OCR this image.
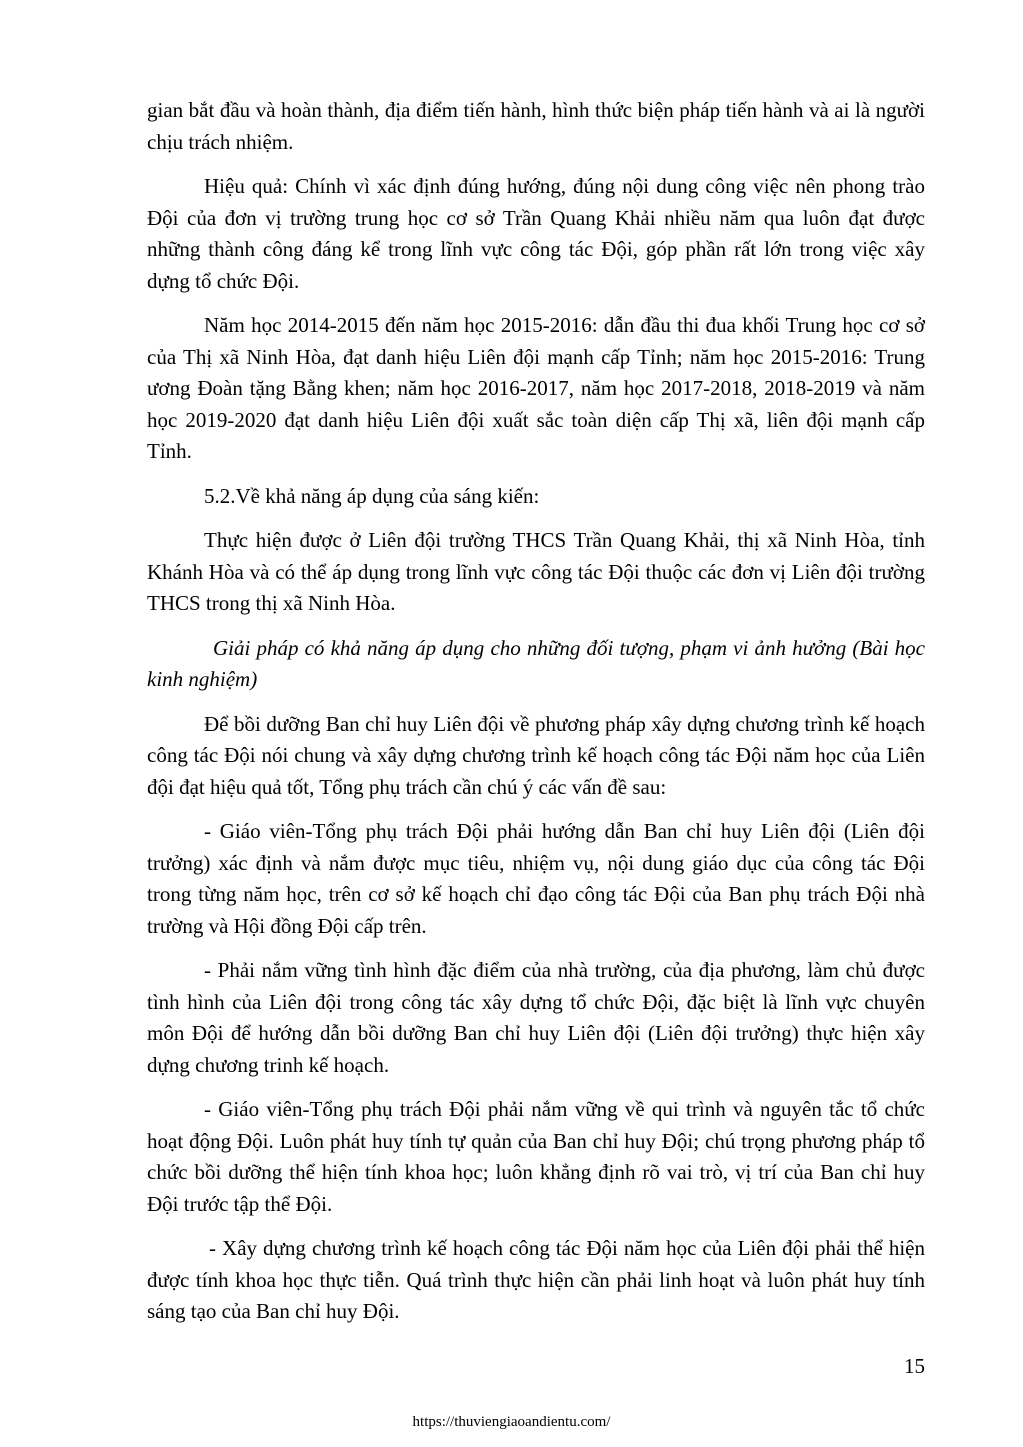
gian bắt đầu và hoàn thành, địa điểm tiến hành, hình thức biện pháp tiến hành và ai là người chịu trách nhiệm.

Hiệu quả: Chính vì xác định đúng hướng, đúng nội dung công việc nên phong trào Đội của đơn vị trường trung học cơ sở Trần Quang Khải nhiều năm qua luôn đạt được những thành công đáng kể trong lĩnh vực công tác Đội, góp phần rất lớn trong việc xây dựng tổ chức Đội.

Năm học 2014-2015 đến năm học 2015-2016: dẫn đầu thi đua khối Trung học cơ sở của Thị xã Ninh Hòa, đạt danh hiệu Liên đội mạnh cấp Tỉnh; năm học 2015-2016: Trung ương Đoàn tặng Bằng khen; năm học 2016-2017, năm học 2017-2018, 2018-2019 và năm học 2019-2020 đạt danh hiệu Liên đội xuất sắc toàn diện cấp Thị xã, liên đội mạnh cấp Tỉnh.

5.2.Về khả năng áp dụng của sáng kiến:

Thực hiện được ở Liên đội trường THCS Trần Quang Khải, thị xã Ninh Hòa, tỉnh Khánh Hòa và có thể áp dụng trong lĩnh vực công tác Đội thuộc các đơn vị Liên đội trường THCS trong thị xã Ninh Hòa.

Giải pháp có khả năng áp dụng cho những đối tượng, phạm vi ảnh hưởng (Bài học kinh nghiệm)

Để bồi dưỡng Ban chỉ huy Liên đội về phương pháp xây dựng chương trình kế hoạch công tác Đội nói chung và xây dựng chương trình kế hoạch công tác Đội năm học của Liên đội đạt hiệu quả tốt, Tổng phụ trách cần chú ý các vấn đề sau:

- Giáo viên-Tổng phụ trách Đội phải hướng dẫn Ban chỉ huy Liên đội (Liên đội trưởng) xác định và nắm được mục tiêu, nhiệm vụ, nội dung giáo dục của công tác Đội trong từng năm học, trên cơ sở kế hoạch chỉ đạo công tác Đội của Ban phụ trách Đội nhà trường và Hội đồng Đội cấp trên.

- Phải nắm vững tình hình đặc điểm của nhà trường, của địa phương, làm chủ được tình hình của Liên đội trong công tác xây dựng tổ chức Đội, đặc biệt là lĩnh vực chuyên môn Đội để hướng dẫn bồi dưỡng Ban chỉ huy Liên đội (Liên đội trưởng) thực hiện xây dựng chương trinh kế hoạch.

- Giáo viên-Tổng phụ trách Đội phải nắm vững về qui trình và nguyên tắc tổ chức hoạt động Đội. Luôn phát huy tính tự quản của Ban chỉ huy Đội; chú trọng phương pháp tổ chức bồi dưỡng thể hiện tính khoa học; luôn khẳng định rõ vai trò, vị trí của Ban chỉ huy Đội trước tập thể Đội.

- Xây dựng chương trình kế hoạch công tác Đội năm học của Liên đội phải thể hiện được tính khoa học thực tiễn. Quá trình thực hiện cần phải linh hoạt và luôn phát huy tính sáng tạo của Ban chỉ huy Đội.

15
https://thuviengiaoandientu.com/
